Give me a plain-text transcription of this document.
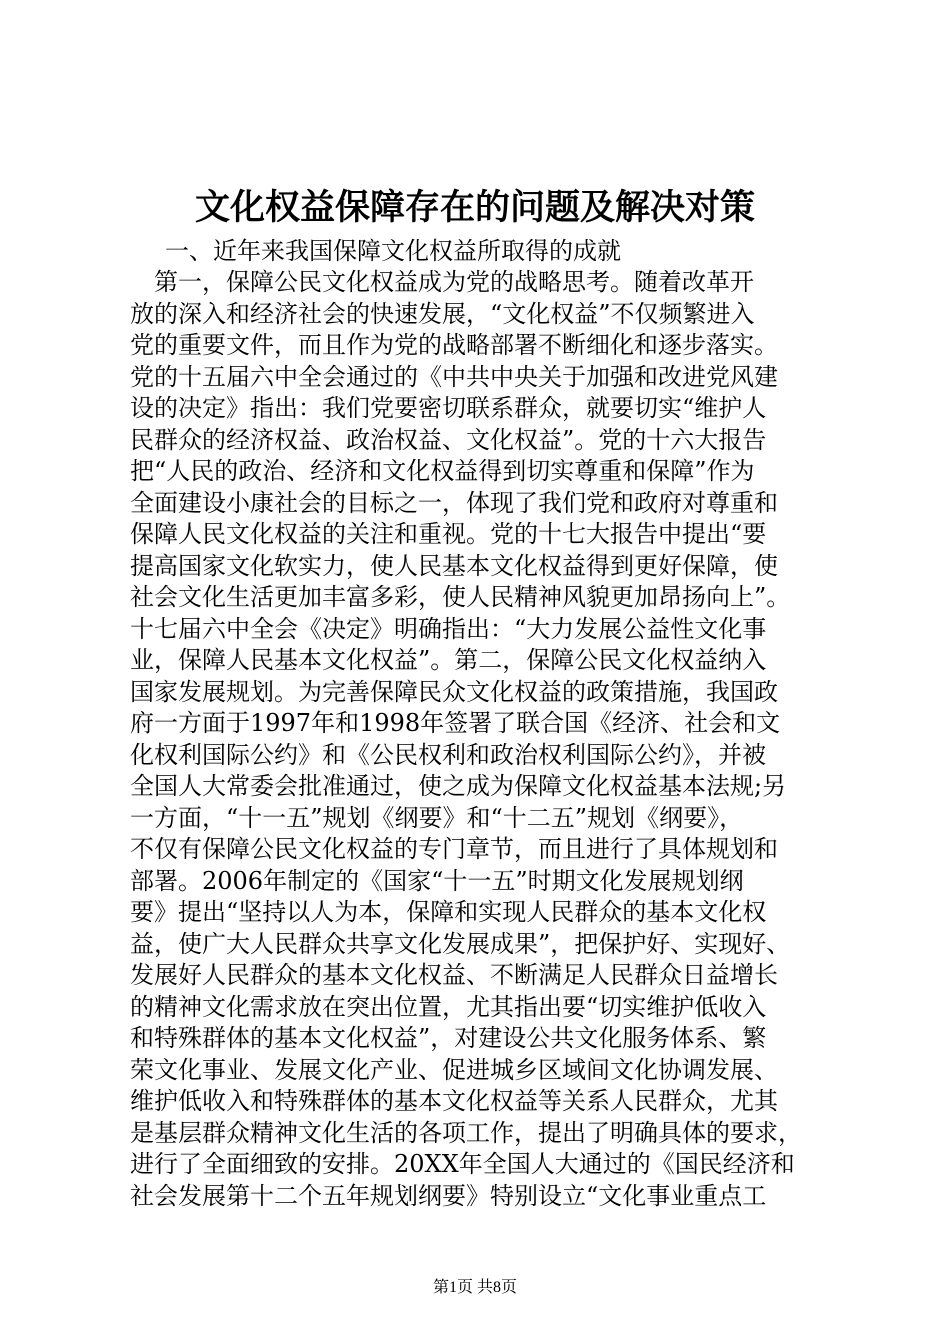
文化权益保障存在的问题及解决对策
一、近年来我国保障文化权益所取得的成就
　第一，保障公民文化权益成为党的战略思考。随着改革开
放的深入和经济社会的快速发展，“文化权益”不仅频繁进入
党的重要文件，而且作为党的战略部署不断细化和逐步落实。
党的十五届六中全会通过的《中共中央关于加强和改进党风建
设的决定》指出：我们党要密切联系群众，就要切实“维护人
民群众的经济权益、政治权益、文化权益”。党的十六大报告
把“人民的政治、经济和文化权益得到切实尊重和保障”作为
全面建设小康社会的目标之一，体现了我们党和政府对尊重和
保障人民文化权益的关注和重视。党的十七大报告中提出“要
提高国家文化软实力，使人民基本文化权益得到更好保障，使
社会文化生活更加丰富多彩，使人民精神风貌更加昂扬向上”。
十七届六中全会《决定》明确指出：“大力发展公益性文化事
业，保障人民基本文化权益”。第二，保障公民文化权益纳入
国家发展规划。为完善保障民众文化权益的政策措施，我国政
府一方面于1997年和1998年签署了联合国《经济、社会和文
化权利国际公约》和《公民权利和政治权利国际公约》，并被
全国人大常委会批准通过，使之成为保障文化权益基本法规;另
一方面，“十一五”规划《纲要》和“十二五”规划《纲要》，
不仅有保障公民文化权益的专门章节，而且进行了具体规划和
部署。2006年制定的《国家“十一五”时期文化发展规划纲
要》提出“坚持以人为本，保障和实现人民群众的基本文化权
益，使广大人民群众共享文化发展成果”，把保护好、实现好、
发展好人民群众的基本文化权益、不断满足人民群众日益增长
的精神文化需求放在突出位置，尤其指出要“切实维护低收入
和特殊群体的基本文化权益”，对建设公共文化服务体系、繁
荣文化事业、发展文化产业、促进城乡区域间文化协调发展、
维护低收入和特殊群体的基本文化权益等关系人民群众，尤其
是基层群众精神文化生活的各项工作，提出了明确具体的要求，
进行了全面细致的安排。20XX年全国人大通过的《国民经济和
社会发展第十二个五年规划纲要》特别设立“文化事业重点工
第1页 共8页
